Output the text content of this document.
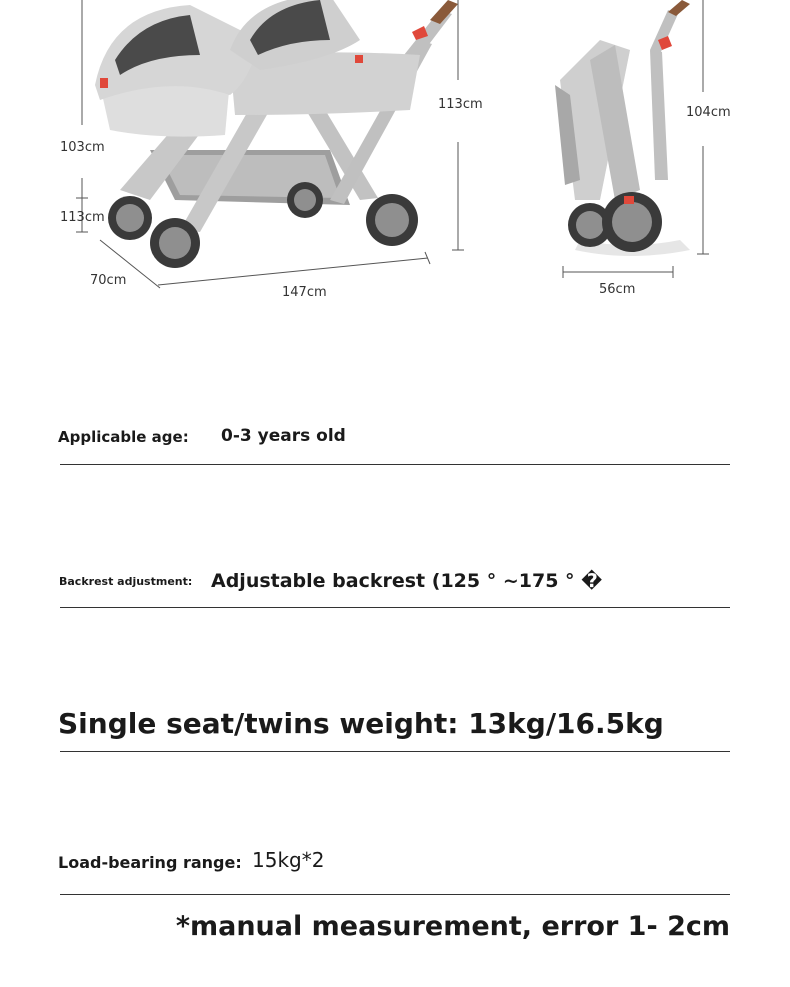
113cm
103cm
113cm
70cm
147cm
104cm
56cm
Applicable age: 0-3 years old
Backrest adjustment: Adjustable backrest (125 ° ~175 ° �
Single seat/twins weight: 13kg/16.5kg
Load-bearing range: 15kg*2
*manual measurement, error 1- 2cm
